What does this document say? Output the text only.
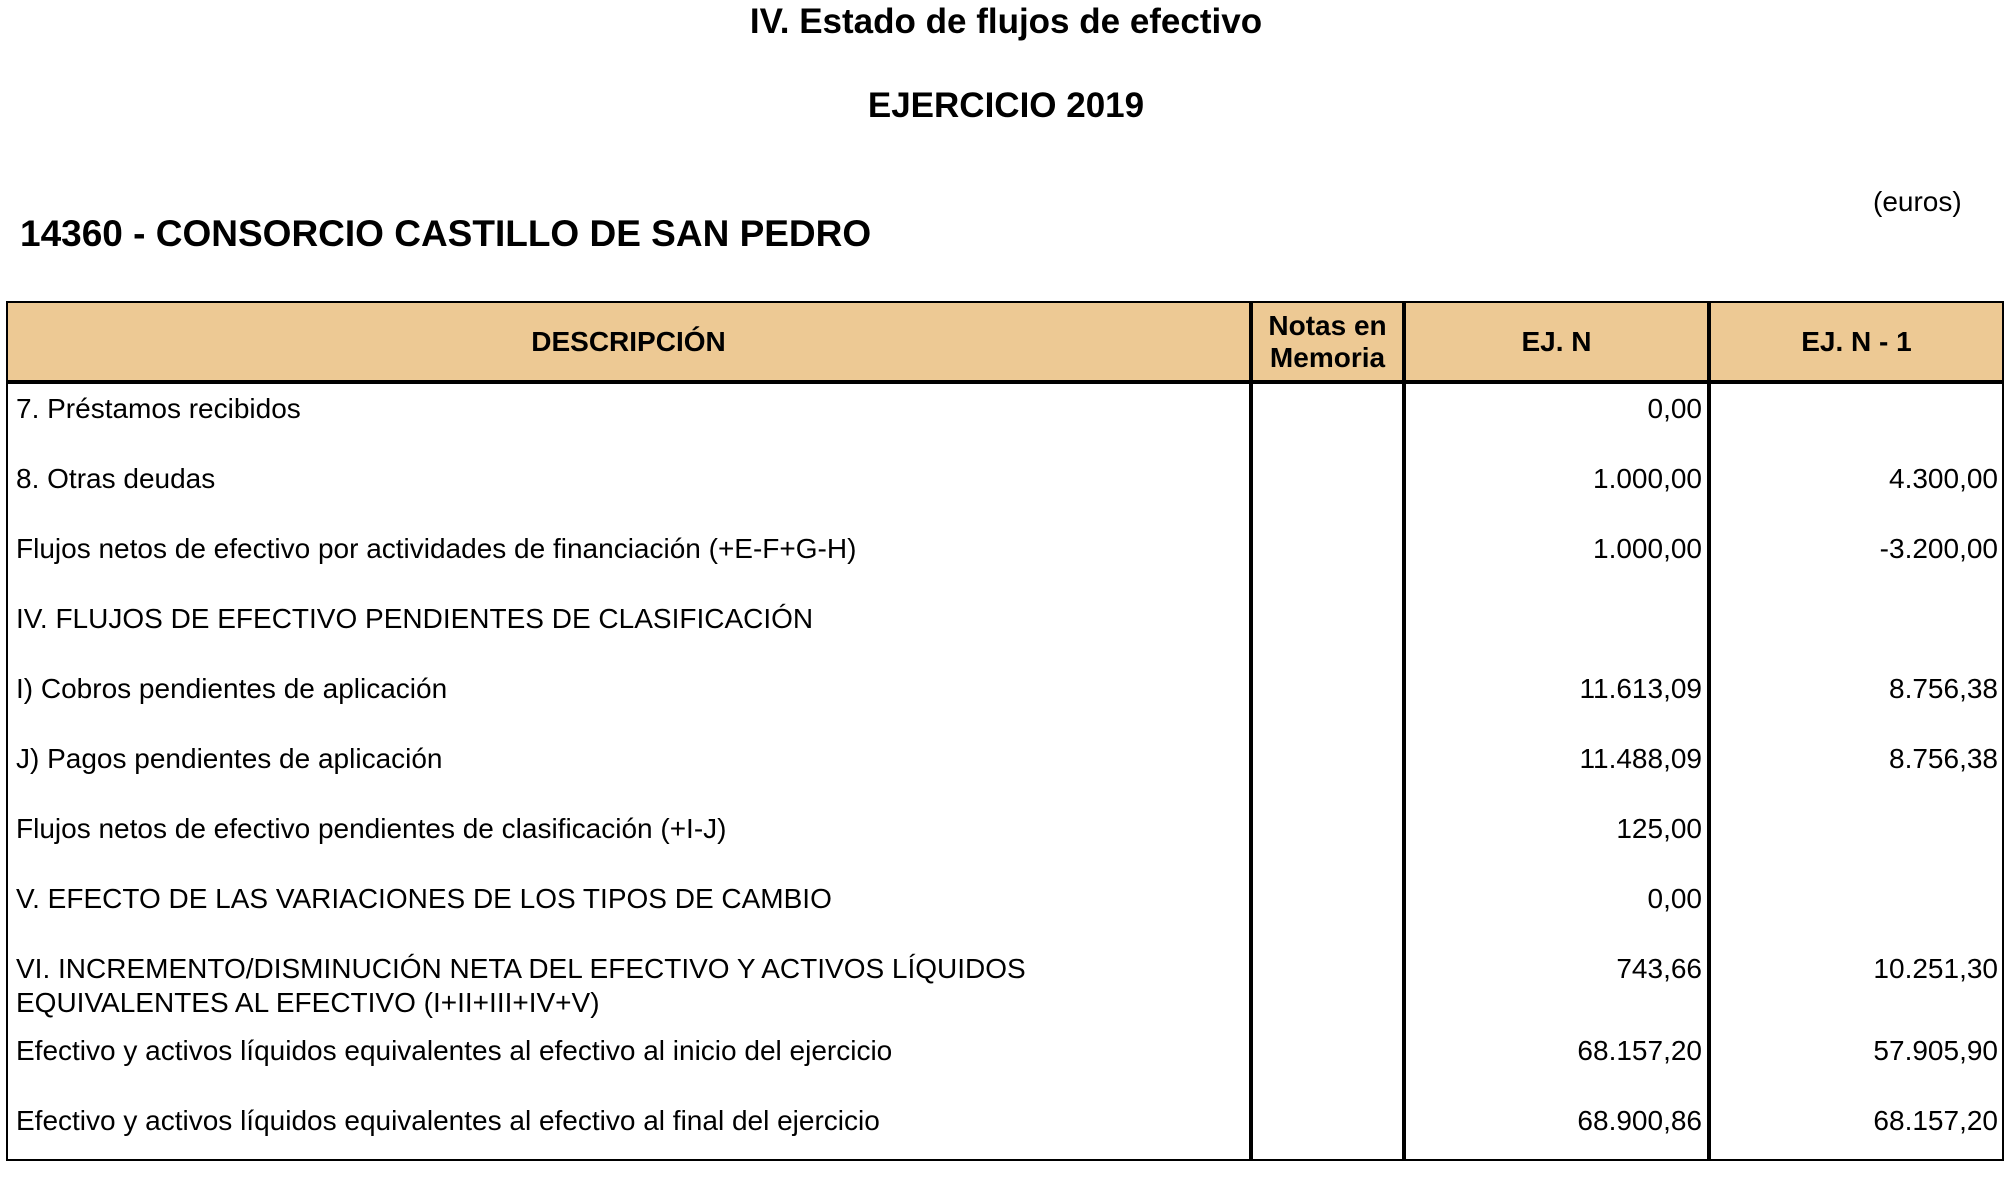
IV. Estado de flujos de efectivo
EJERCICIO 2019
14360 - CONSORCIO CASTILLO DE SAN PEDRO
(euros)
DESCRIPCIÓN
Notas en
Memoria
EJ. N	EJ. N - 1
7. Préstamos recibidos	0,00
8. Otras deudas	1.000,00	4.300,00
Flujos netos de efectivo por actividades de financiación (+E-F+G-H)	1.000,00	-3.200,00
IV. FLUJOS DE EFECTIVO PENDIENTES DE CLASIFICACIÓN
I) Cobros pendientes de aplicación	11.613,09	8.756,38
J) Pagos pendientes de aplicación	11.488,09	8.756,38
Flujos netos de efectivo pendientes de clasificación (+I-J)	125,00
V. EFECTO DE LAS VARIACIONES DE LOS TIPOS DE CAMBIO	0,00
VI. INCREMENTO/DISMINUCIÓN NETA DEL EFECTIVO Y ACTIVOS LÍQUIDOS
EQUIVALENTES AL EFECTIVO (I+II+III+IV+V)
743,66	10.251,30
Efectivo y activos líquidos equivalentes al efectivo al inicio del ejercicio	68.157,20	57.905,90
Efectivo y activos líquidos equivalentes al efectivo al final del ejercicio	68.900,86	68.157,20
